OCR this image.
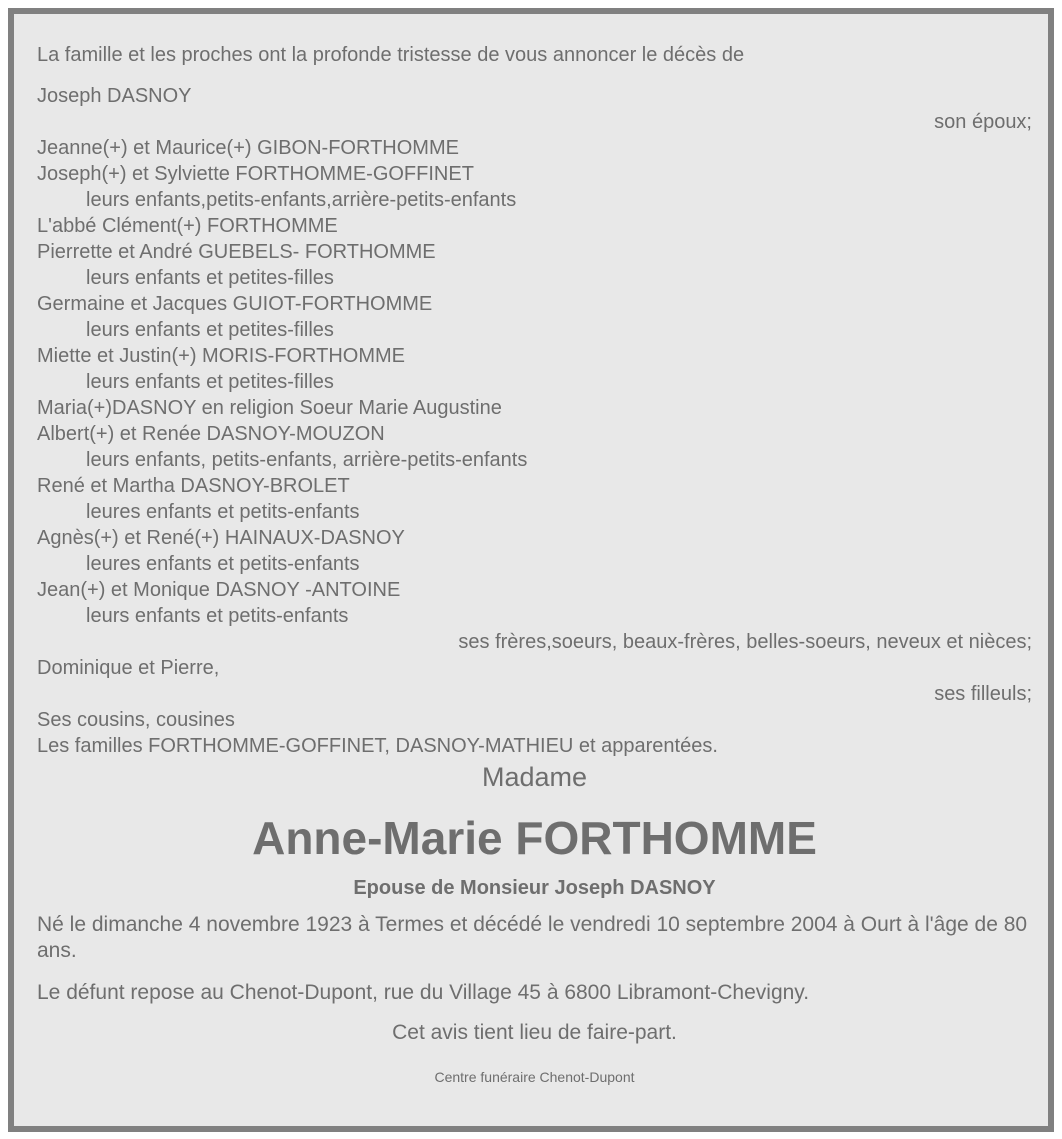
La famille et les proches ont la profonde tristesse de vous annoncer le décès de
Joseph DASNOY
son époux;
Jeanne(+) et Maurice(+) GIBON-FORTHOMME
Joseph(+) et Sylviette FORTHOMME-GOFFINET
leurs enfants,petits-enfants,arrière-petits-enfants
L'abbé Clément(+) FORTHOMME
Pierrette et André GUEBELS- FORTHOMME
leurs enfants et petites-filles
Germaine et Jacques GUIOT-FORTHOMME
leurs enfants et petites-filles
Miette et Justin(+) MORIS-FORTHOMME
leurs enfants et petites-filles
Maria(+)DASNOY en religion Soeur Marie Augustine
Albert(+) et Renée DASNOY-MOUZON
leurs enfants, petits-enfants, arrière-petits-enfants
René et Martha DASNOY-BROLET
leures enfants et petits-enfants
Agnès(+) et René(+) HAINAUX-DASNOY
leures enfants et petits-enfants
Jean(+) et Monique DASNOY -ANTOINE
leurs enfants et petits-enfants
ses frères,soeurs, beaux-frères, belles-soeurs, neveux et nièces;
Dominique et Pierre,
ses filleuls;
Ses cousins, cousines
Les familles FORTHOMME-GOFFINET, DASNOY-MATHIEU et apparentées.
Madame
Anne-Marie FORTHOMME
Epouse de Monsieur Joseph DASNOY
Né le dimanche 4 novembre 1923 à Termes et décédé le vendredi 10 septembre 2004 à Ourt à l'âge de 80 ans.
Le défunt repose au Chenot-Dupont, rue du Village 45 à 6800 Libramont-Chevigny.
Cet avis tient lieu de faire-part.
Centre funéraire Chenot-Dupont
